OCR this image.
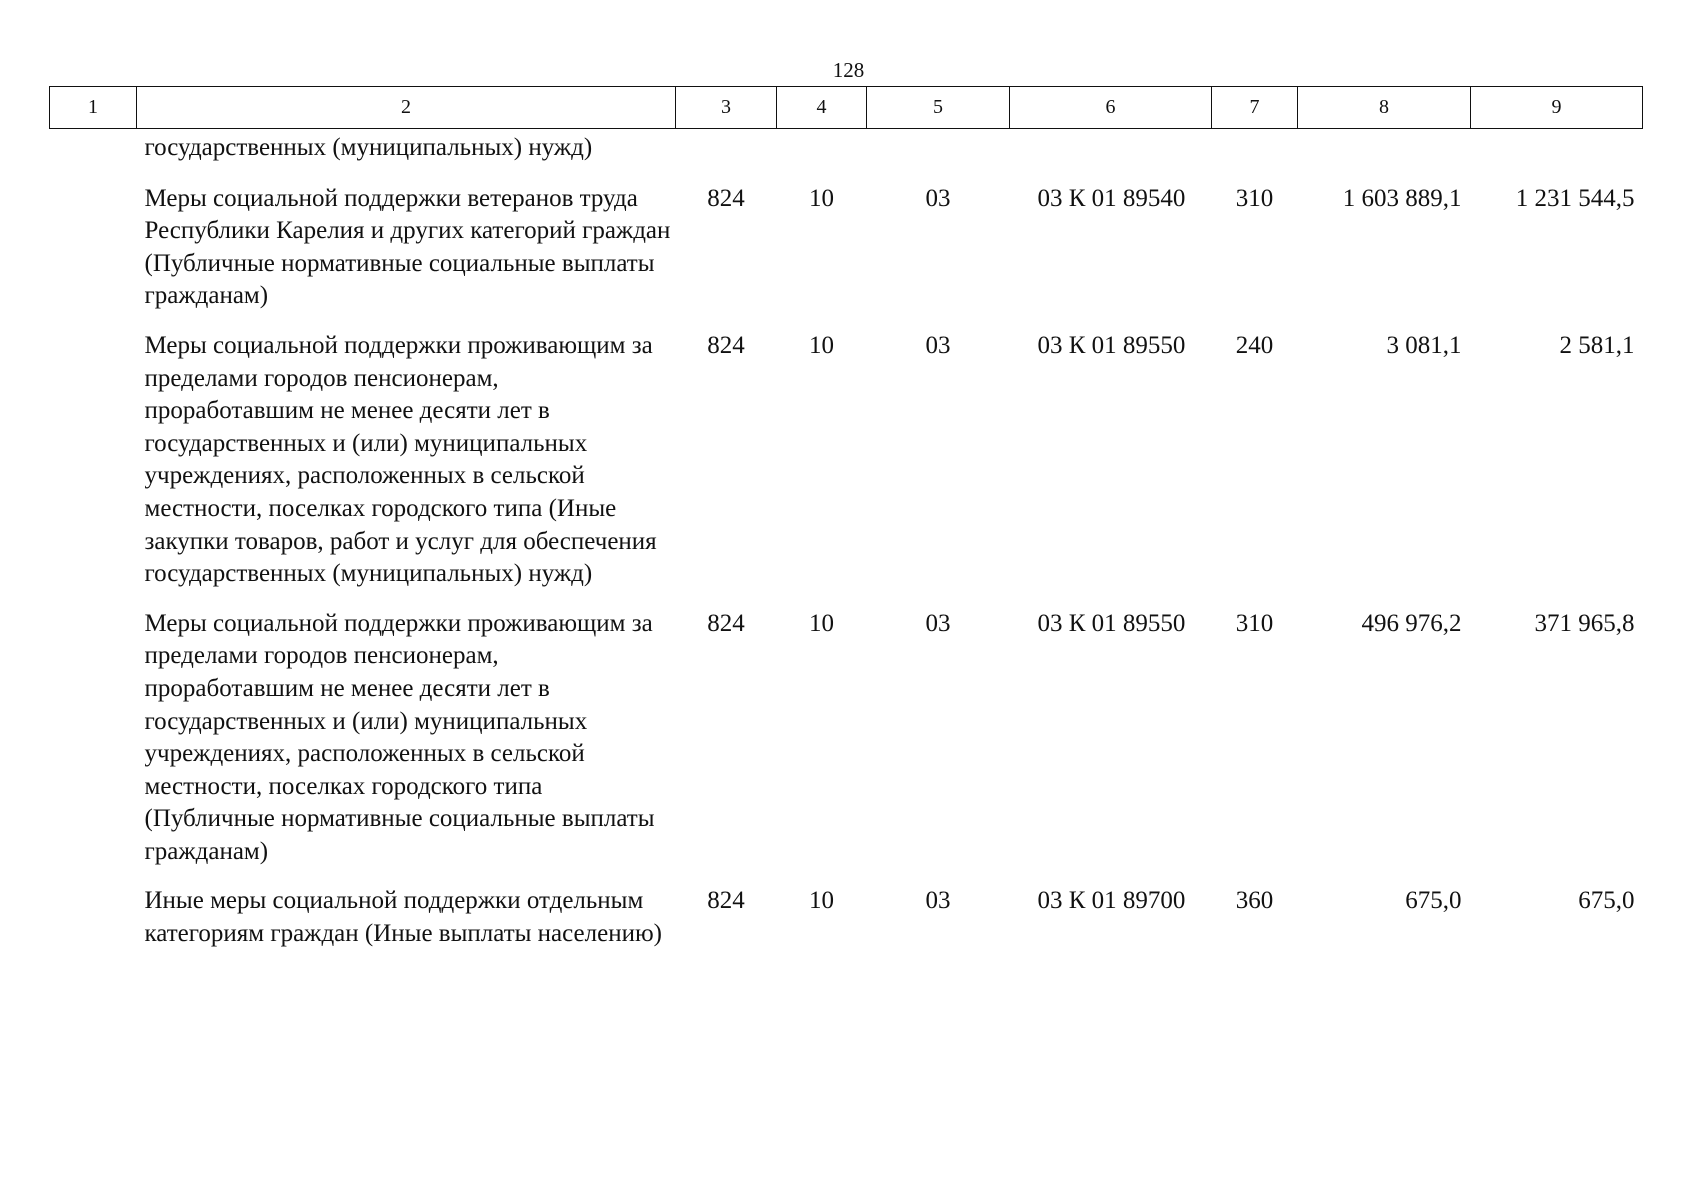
128
1	2	3	4	5	6	7	8	9
	государственных (муниципальных) нужд)							
	Меры социальной поддержки ветеранов труда Республики Карелия и других категорий граждан (Публичные нормативные социальные выплаты гражданам)	824	10	03	03 К 01 89540	310	1 603 889,1	1 231 544,5
	Меры социальной поддержки проживающим за пределами городов пенсионерам, проработавшим не менее десяти лет в государственных и (или) муниципальных учреждениях, расположенных в сельской местности, поселках городского типа (Иные закупки товаров, работ и услуг для обеспечения государственных (муниципальных) нужд)	824	10	03	03 К 01 89550	240	3 081,1	2 581,1
	Меры социальной поддержки проживающим за пределами городов пенсионерам, проработавшим не менее десяти лет в государственных и (или) муниципальных учреждениях, расположенных в сельской местности, поселках городского типа (Публичные нормативные социальные выплаты гражданам)	824	10	03	03 К 01 89550	310	496 976,2	371 965,8
	Иные меры социальной поддержки отдельным категориям граждан (Иные выплаты населению)	824	10	03	03 К 01 89700	360	675,0	675,0
